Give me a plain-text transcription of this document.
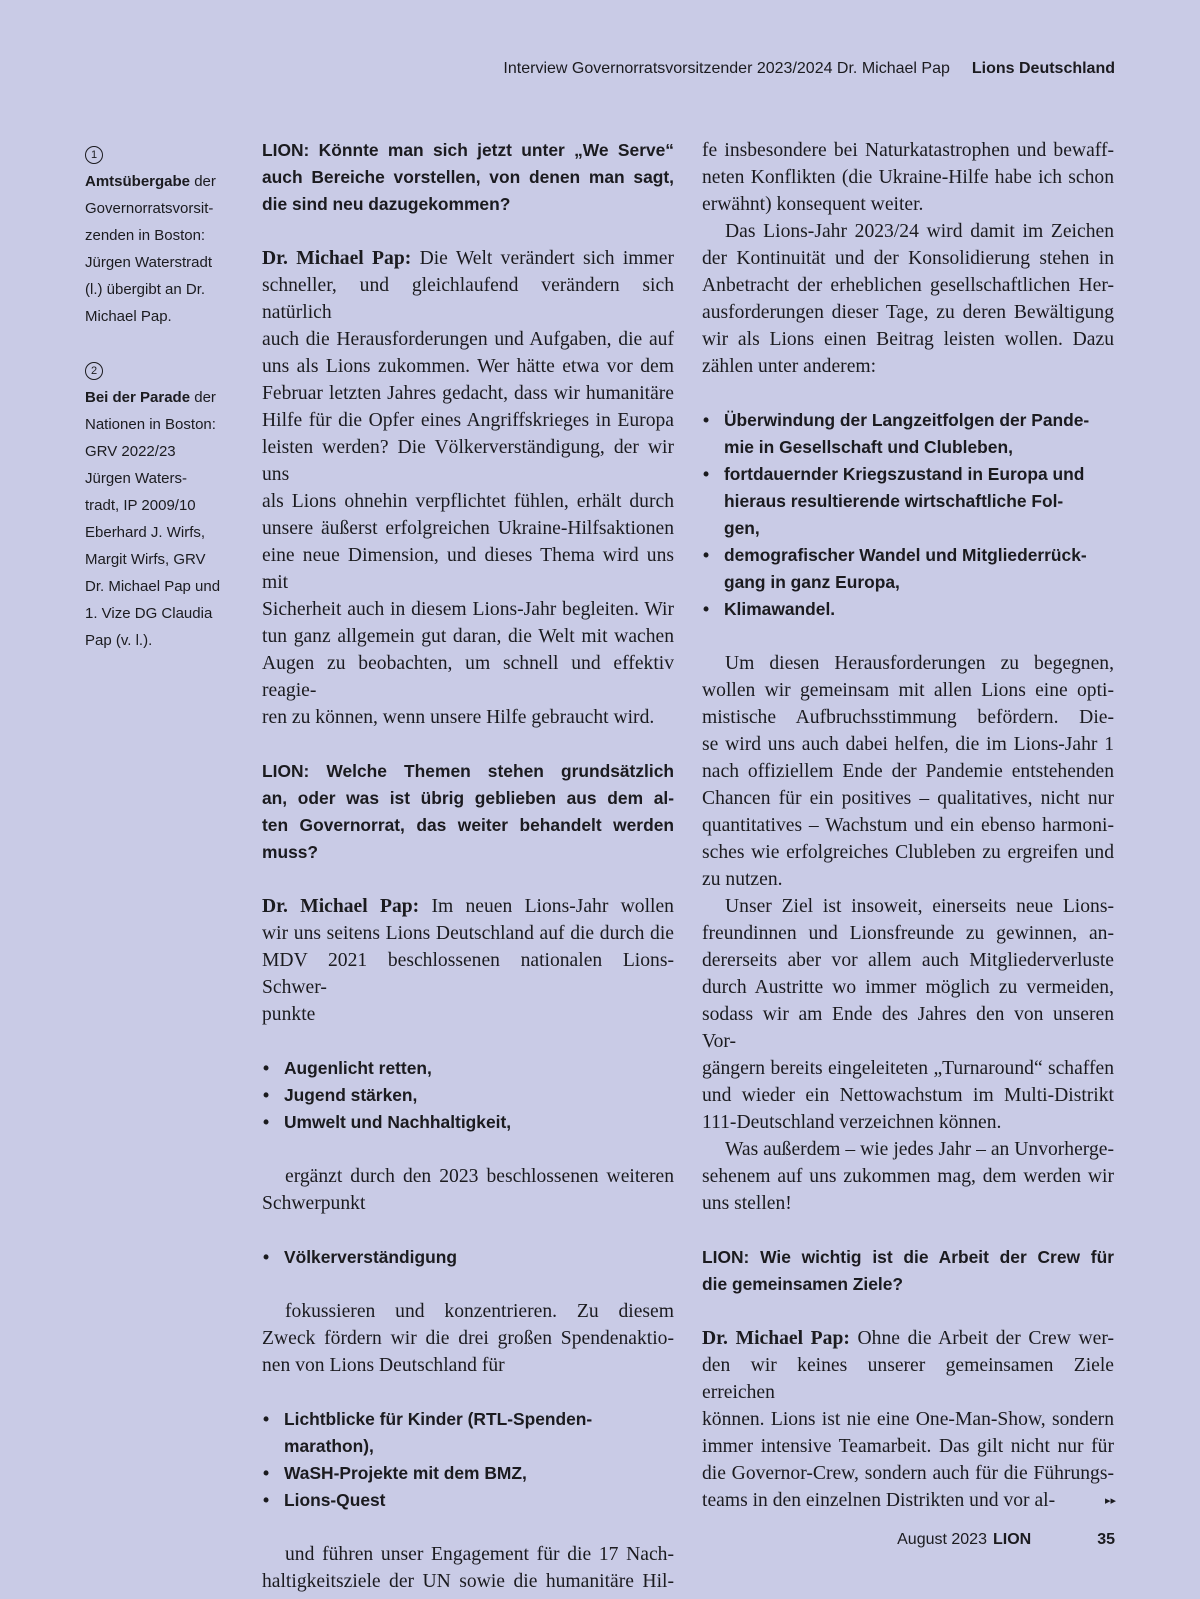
Interview Governorratsvorsitzender 2023/2024 Dr. Michael Pap Lions Deutschland
1
Amtsübergabe der
Governorratsvorsit-
zenden in Boston:
Jürgen Waterstradt
(l.) übergibt an Dr.
Michael Pap.
2
Bei der Parade der
Nationen in Boston:
GRV 2022/23
Jürgen Waters-
tradt, IP 2009/10
Eberhard J. Wirfs,
Margit Wirfs, GRV
Dr. Michael Pap und
1. Vize DG Claudia
Pap (v. l.).
LION: Könnte man sich jetzt unter „We Serve“
auch Bereiche vorstellen, von denen man sagt,
die sind neu dazugekommen?
Dr. Michael Pap: Die Welt verändert sich immer
schneller, und gleichlaufend verändern sich natürlich
auch die Herausforderungen und Aufgaben, die auf
uns als Lions zukommen. Wer hätte etwa vor dem
Februar letzten Jahres gedacht, dass wir humanitäre
Hilfe für die Opfer eines Angriffskrieges in Europa
leisten werden? Die Völkerverständigung, der wir uns
als Lions ohnehin verpflichtet fühlen, erhält durch
unsere äußerst erfolgreichen Ukraine-Hilfsaktionen
eine neue Dimension, und dieses Thema wird uns mit
Sicherheit auch in diesem Lions-Jahr begleiten. Wir
tun ganz allgemein gut daran, die Welt mit wachen
Augen zu beobachten, um schnell und effektiv reagie-
ren zu können, wenn unsere Hilfe gebraucht wird.
LION: Welche Themen stehen grundsätzlich
an, oder was ist übrig geblieben aus dem al-
ten Governorrat, das weiter behandelt werden
muss?
Dr. Michael Pap: Im neuen Lions-Jahr wollen
wir uns seitens Lions Deutschland auf die durch die
MDV 2021 beschlossenen nationalen Lions-Schwer-
punkte
• Augenlicht retten,
• Jugend stärken,
• Umwelt und Nachhaltigkeit,
ergänzt durch den 2023 beschlossenen weiteren
Schwerpunkt
• Völkerverständigung
fokussieren und konzentrieren. Zu diesem
Zweck fördern wir die drei großen Spendenaktio-
nen von Lions Deutschland für
• Lichtblicke für Kinder (RTL-Spenden-
marathon),
• WaSH-Projekte mit dem BMZ,
• Lions-Quest
und führen unser Engagement für die 17 Nach-
haltigkeitsziele der UN sowie die humanitäre Hil-
fe insbesondere bei Naturkatastrophen und bewaff-
neten Konflikten (die Ukraine-Hilfe habe ich schon
erwähnt) konsequent weiter.
Das Lions-Jahr 2023/24 wird damit im Zeichen
der Kontinuität und der Konsolidierung stehen in
Anbetracht der erheblichen gesellschaftlichen Her-
ausforderungen dieser Tage, zu deren Bewältigung
wir als Lions einen Beitrag leisten wollen. Dazu
zählen unter anderem:
• Überwindung der Langzeitfolgen der Pande-
mie in Gesellschaft und Clubleben,
• fortdauernder Kriegszustand in Europa und
hieraus resultierende wirtschaftliche Fol-
gen,
• demografischer Wandel und Mitgliederrück-
gang in ganz Europa,
• Klimawandel.
Um diesen Herausforderungen zu begegnen,
wollen wir gemeinsam mit allen Lions eine opti-
mistische Aufbruchsstimmung befördern. Die-
se wird uns auch dabei helfen, die im Lions-Jahr 1
nach offiziellem Ende der Pandemie entstehenden
Chancen für ein positives – qualitatives, nicht nur
quantitatives – Wachstum und ein ebenso harmoni-
sches wie erfolgreiches Clubleben zu ergreifen und
zu nutzen.
Unser Ziel ist insoweit, einerseits neue Lions-
freundinnen und Lionsfreunde zu gewinnen, an-
dererseits aber vor allem auch Mitgliederverluste
durch Austritte wo immer möglich zu vermeiden,
sodass wir am Ende des Jahres den von unseren Vor-
gängern bereits eingeleiteten „Turnaround“ schaffen
und wieder ein Nettowachstum im Multi-Distrikt
111-Deutschland verzeichnen können.
Was außerdem – wie jedes Jahr – an Unvorherge-
sehenem auf uns zukommen mag, dem werden wir
uns stellen!
LION: Wie wichtig ist die Arbeit der Crew für
die gemeinsamen Ziele?
Dr. Michael Pap: Ohne die Arbeit der Crew wer-
den wir keines unserer gemeinsamen Ziele erreichen
können. Lions ist nie eine One-Man-Show, sondern
immer intensive Teamarbeit. Das gilt nicht nur für
die Governor-Crew, sondern auch für die Führungs-
teams in den einzelnen Distrikten und vor al-	▸▸
August 2023 LION	35
